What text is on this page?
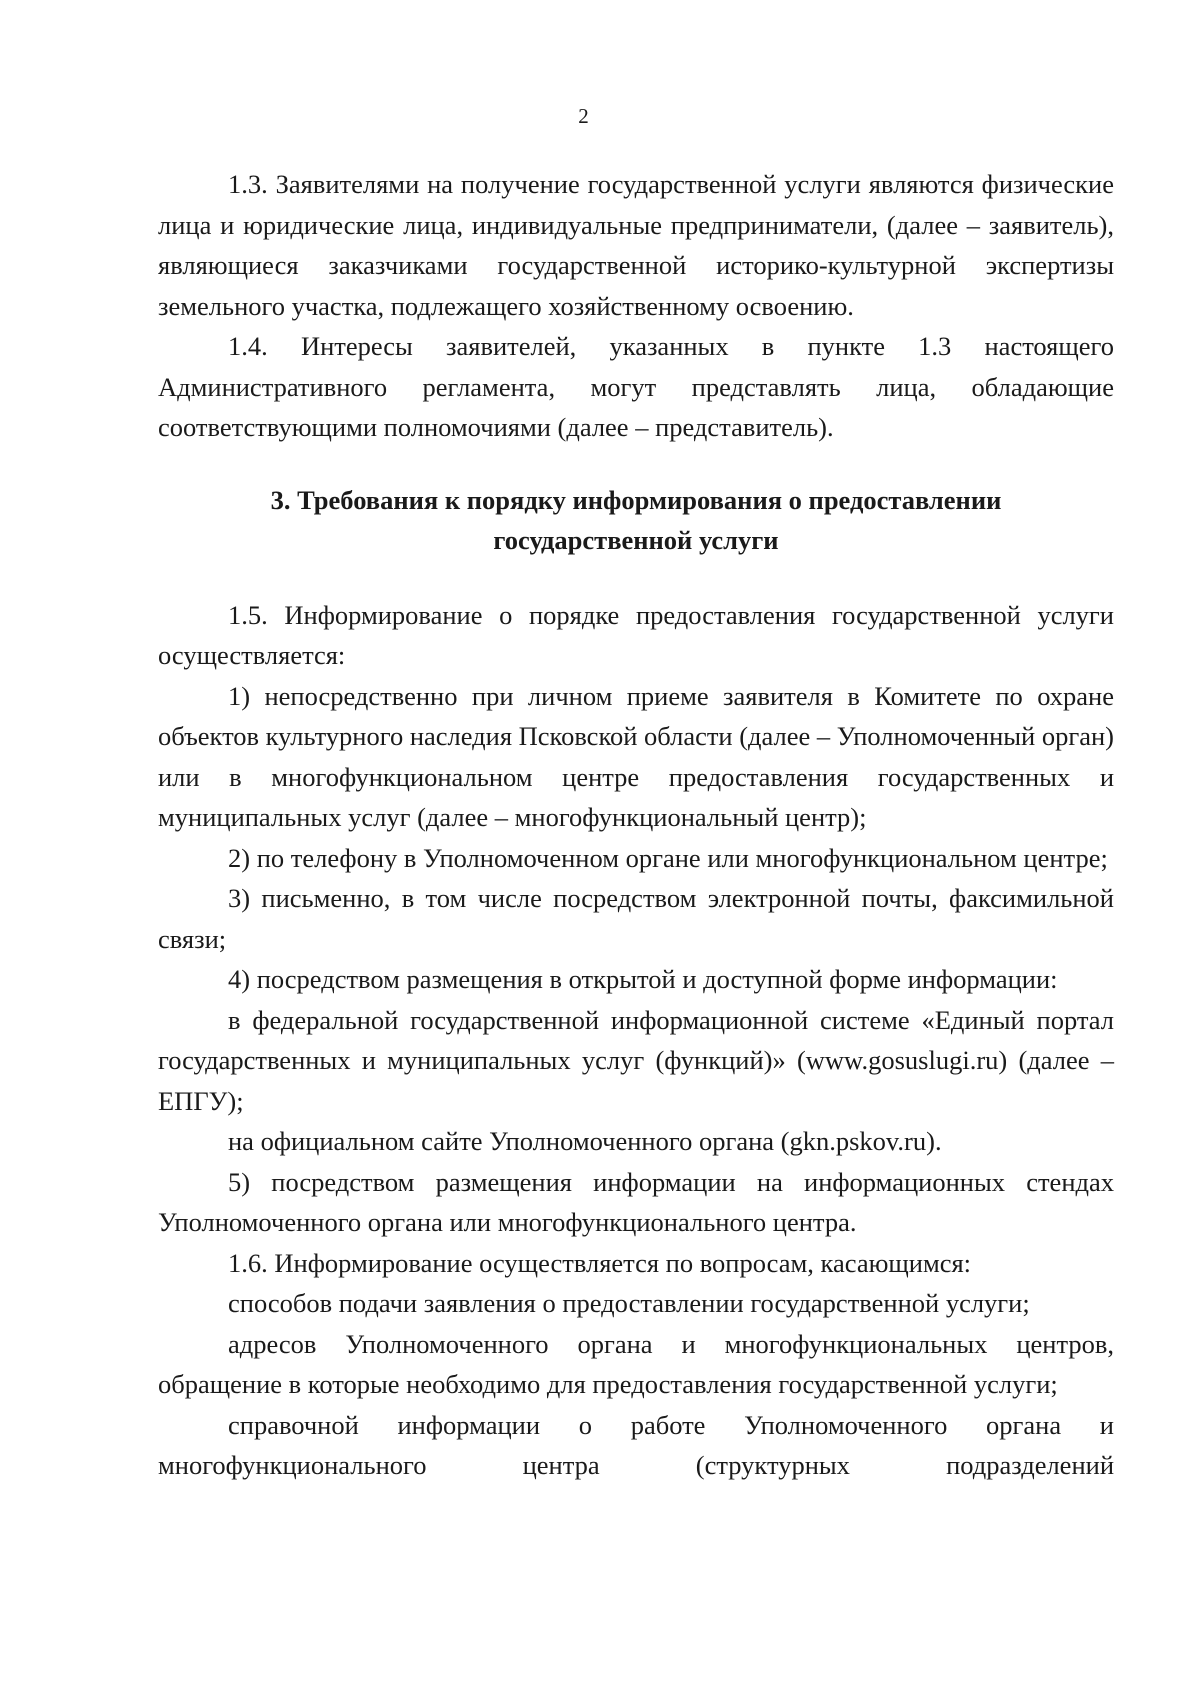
2

1.3. Заявителями на получение государственной услуги являются физические лица и юридические лица, индивидуальные предприниматели, (далее – заявитель), являющиеся заказчиками государственной историко-культурной экспертизы земельного участка, подлежащего хозяйственному освоению.

1.4. Интересы заявителей, указанных в пункте 1.3 настоящего Административного регламента, могут представлять лица, обладающие соответствующими полномочиями (далее – представитель).

3. Требования к порядку информирования о предоставлении
государственной услуги

1.5. Информирование о порядке предоставления государственной услуги осуществляется:

1) непосредственно при личном приеме заявителя в Комитете по охране объектов культурного наследия Псковской области (далее – Уполномоченный орган) или в многофункциональном центре предоставления государственных и муниципальных услуг (далее – многофункциональный центр);

2) по телефону в Уполномоченном органе или многофункциональном центре;

3) письменно, в том числе посредством электронной почты, факсимильной связи;

4) посредством размещения в открытой и доступной форме информации:

в федеральной государственной информационной системе «Единый портал государственных и муниципальных услуг (функций)» (www.gosuslugi.ru) (далее – ЕПГУ);

на официальном сайте Уполномоченного органа (gkn.pskov.ru).

5) посредством размещения информации на информационных стендах Уполномоченного органа или многофункционального центра.

1.6. Информирование осуществляется по вопросам, касающимся:

способов подачи заявления о предоставлении государственной услуги;

адресов Уполномоченного органа и многофункциональных центров, обращение в которые необходимо для предоставления государственной услуги;

справочной информации о работе Уполномоченного органа и многофункционального центра (структурных подразделений
